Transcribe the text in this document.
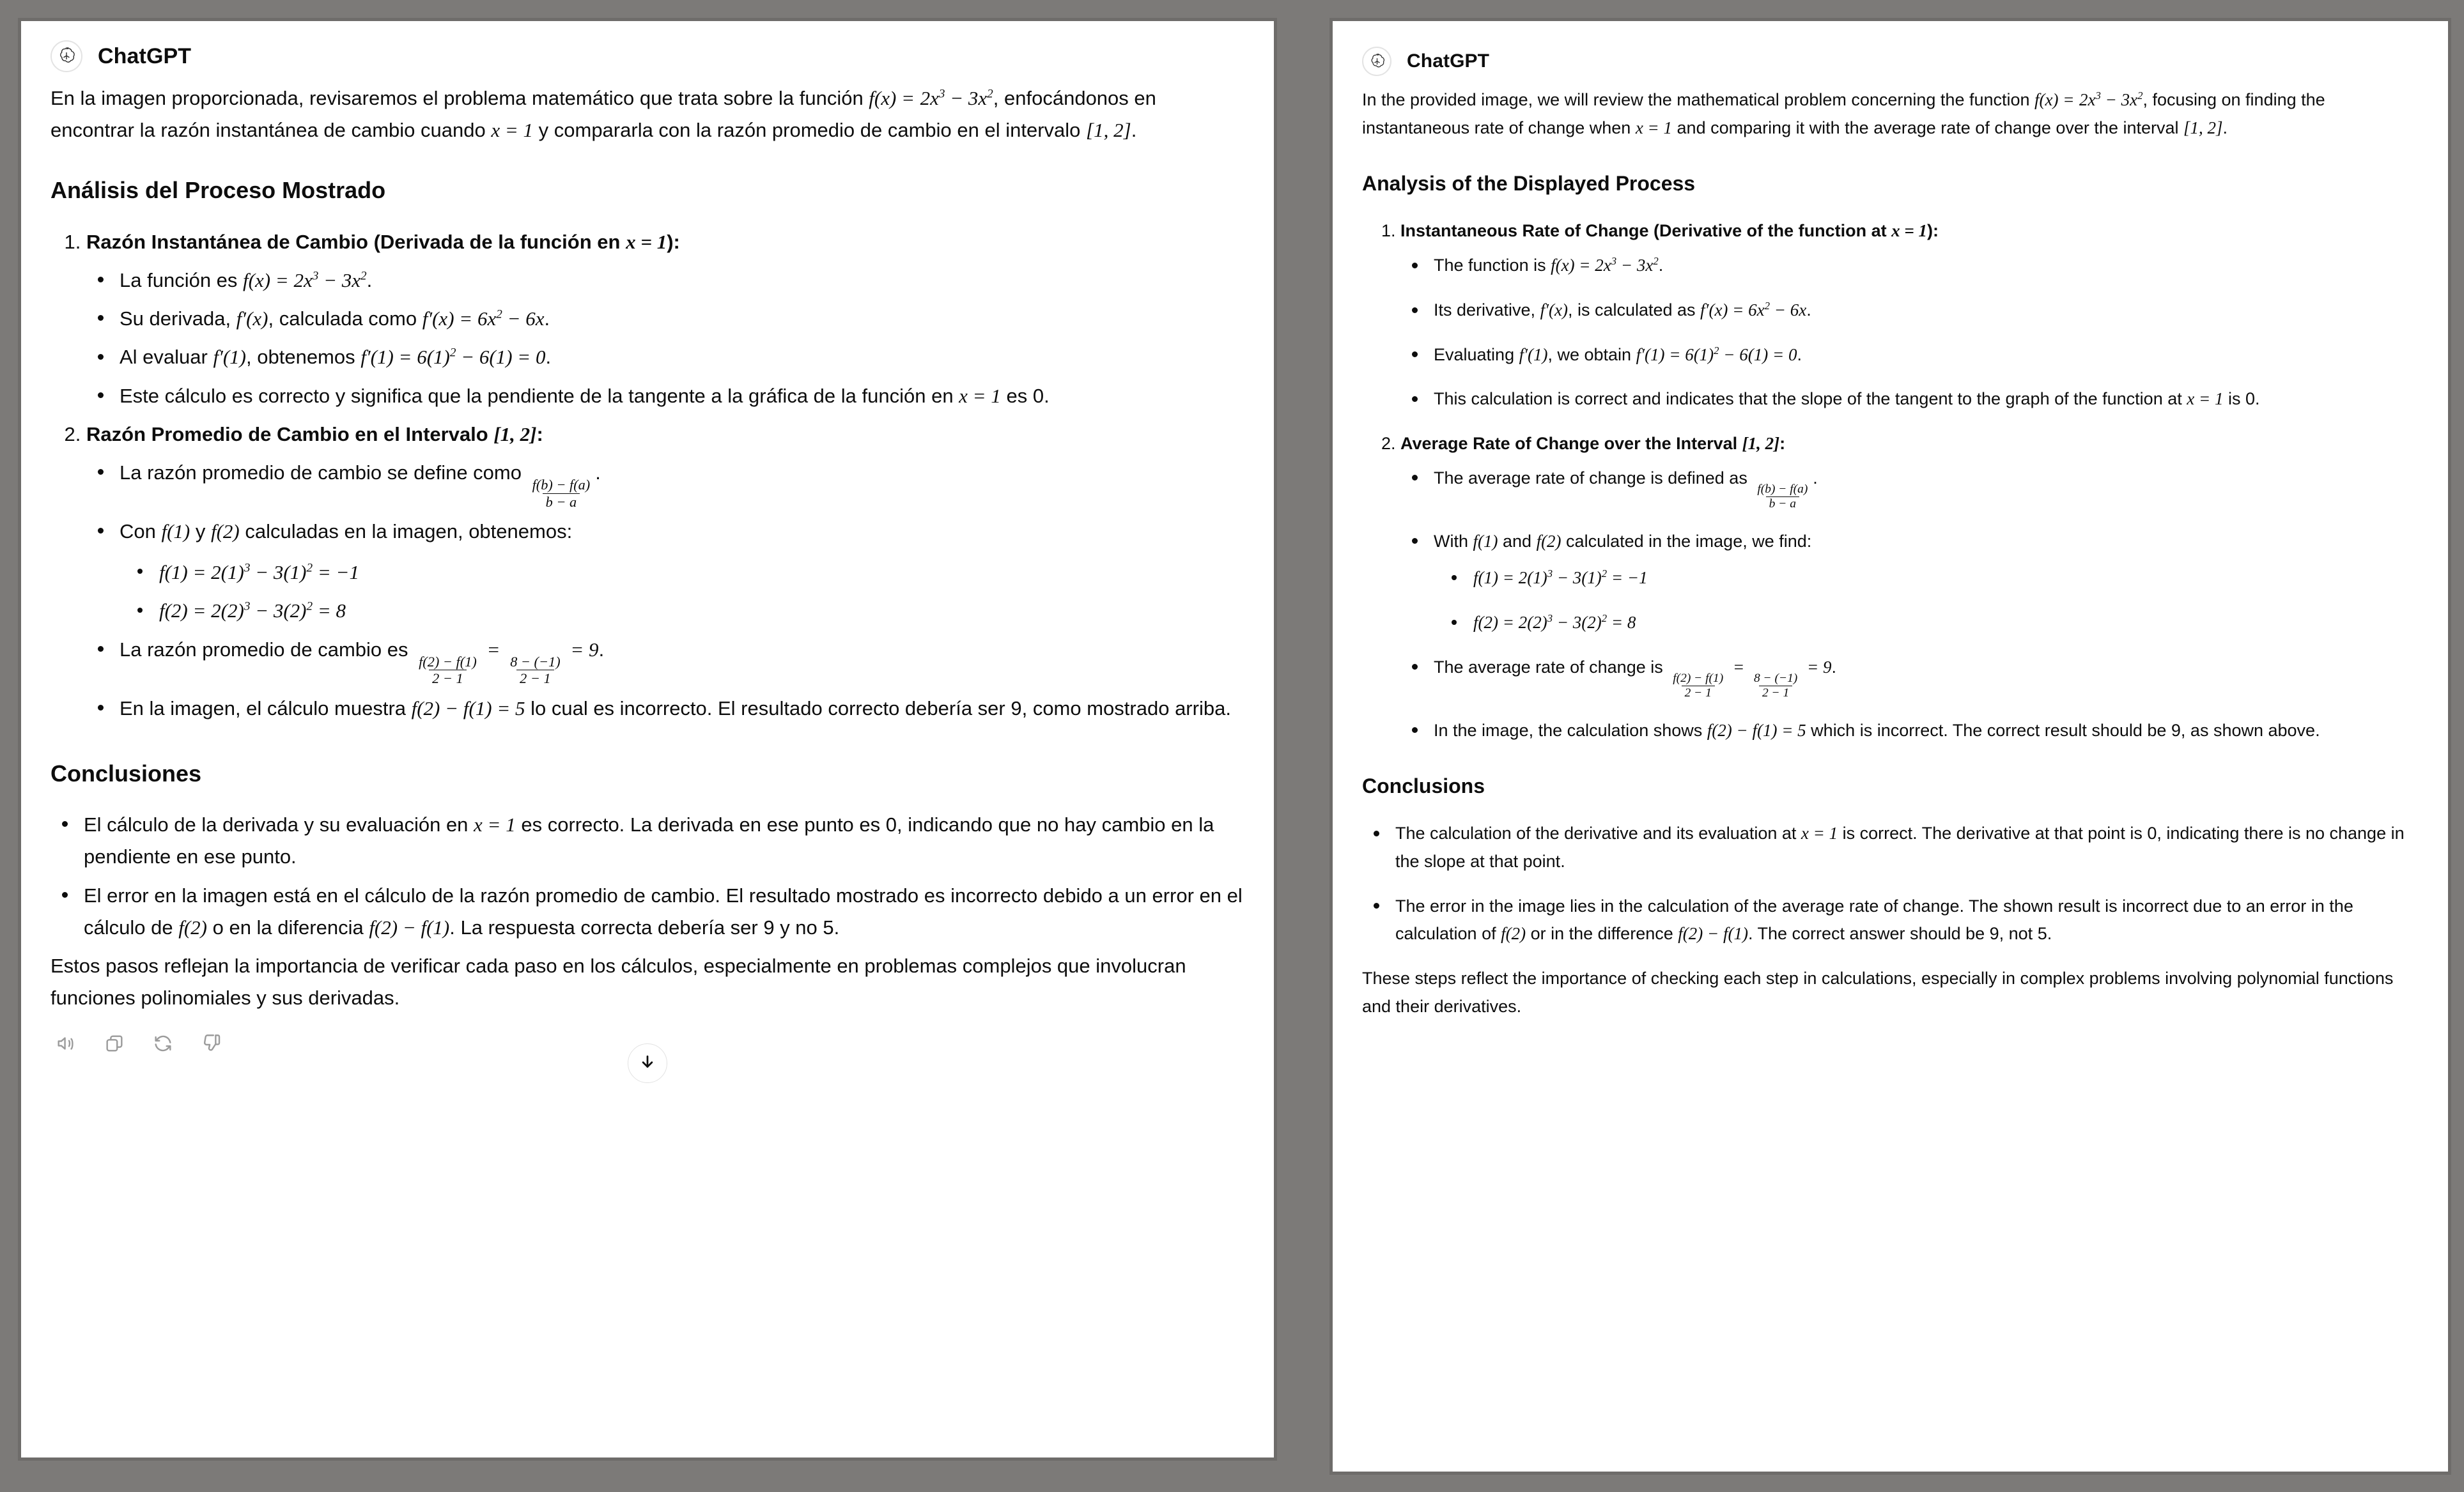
ChatGPT

En la imagen proporcionada, revisaremos el problema matemático que trata sobre la función $f(x) = 2x^3 - 3x^2$, enfocándonos en encontrar la razón instantánea de cambio cuando x = 1 y compararla con la razón promedio de cambio en el intervalo [1, 2].

Análisis del Proceso Mostrado
1. Razón Instantánea de Cambio (Derivada de la función en x = 1):
La función es $f(x) = 2x^3 - 3x^2$.
Su derivada, f′(x), calculada como $f'(x) = 6x^2 - 6x$.
Al evaluar f′(1), obtenemos $f'(1) = 6(1)^2 - 6(1) = 0$.
Este cálculo es correcto y significa que la pendiente de la tangente a la gráfica de la función en x = 1 es 0.
2. Razón Promedio de Cambio en el Intervalo [1, 2]:
La razón promedio de cambio se define como
$\frac{f(b) - f(a)}{b - a}$
.
Con f(1) y f(2) calculadas en la imagen, obtenemos:
$f(1) = 2(1)^3 - 3(1)^2 = -1$
$f(2) = 2(2)^3 - 3(2)^2 = 8$
La razón promedio de cambio es
$\frac{f(2) - f(1)}{2 - 1}$
=
$\frac{8 - (-1)}{2 - 1}$
= 9.
En la imagen, el cálculo muestra f(2) − f(1) = 5 lo cual es incorrecto. El resultado correcto debería ser 9, como mostrado arriba.
Conclusiones
El cálculo de la derivada y su evaluación en x = 1 es correcto. La derivada en ese punto es 0, indicando que no hay cambio en la pendiente en ese punto.
El error en la imagen está en el cálculo de la razón promedio de cambio. El resultado mostrado es incorrecto debido a un error en el cálculo de f(2) o en la diferencia f(2) − f(1). La respuesta correcta debería ser 9 y no 5.

Estos pasos reflejan la importancia de verificar cada paso en los cálculos, especialmente en problemas complejos que involucran funciones polinomiales y sus derivadas.

ChatGPT

In the provided image, we will review the mathematical problem concerning the function $f(x) = 2x^3 - 3x^2$, focusing on finding the instantaneous rate of change when x = 1 and comparing it with the average rate of change over the interval [1, 2].

Analysis of the Displayed Process
1. Instantaneous Rate of Change (Derivative of the function at x = 1):
The function is $f(x) = 2x^3 - 3x^2$.
Its derivative, f′(x), is calculated as $f'(x) = 6x^2 - 6x$.
Evaluating f′(1), we obtain $f'(1) = 6(1)^2 - 6(1) = 0$.
This calculation is correct and indicates that the slope of the tangent to the graph of the function at x = 1 is 0.
2. Average Rate of Change over the Interval [1, 2]:
The average rate of change is defined as
$\frac{f(b) - f(a)}{b - a}$
.
With f(1) and f(2) calculated in the image, we find:
$f(1) = 2(1)^3 - 3(1)^2 = -1$
$f(2) = 2(2)^3 - 3(2)^2 = 8$
The average rate of change is
$\frac{f(2) - f(1)}{2 - 1}$
=
$\frac{8 - (-1)}{2 - 1}$
= 9.
In the image, the calculation shows f(2) − f(1) = 5 which is incorrect. The correct result should be 9, as shown above.
Conclusions
The calculation of the derivative and its evaluation at x = 1 is correct. The derivative at that point is 0, indicating there is no change in the slope at that point.
The error in the image lies in the calculation of the average rate of change. The shown result is incorrect due to an error in the calculation of f(2) or in the difference f(2) − f(1). The correct answer should be 9, not 5.

These steps reflect the importance of checking each step in calculations, especially in complex problems involving polynomial functions and their derivatives.
